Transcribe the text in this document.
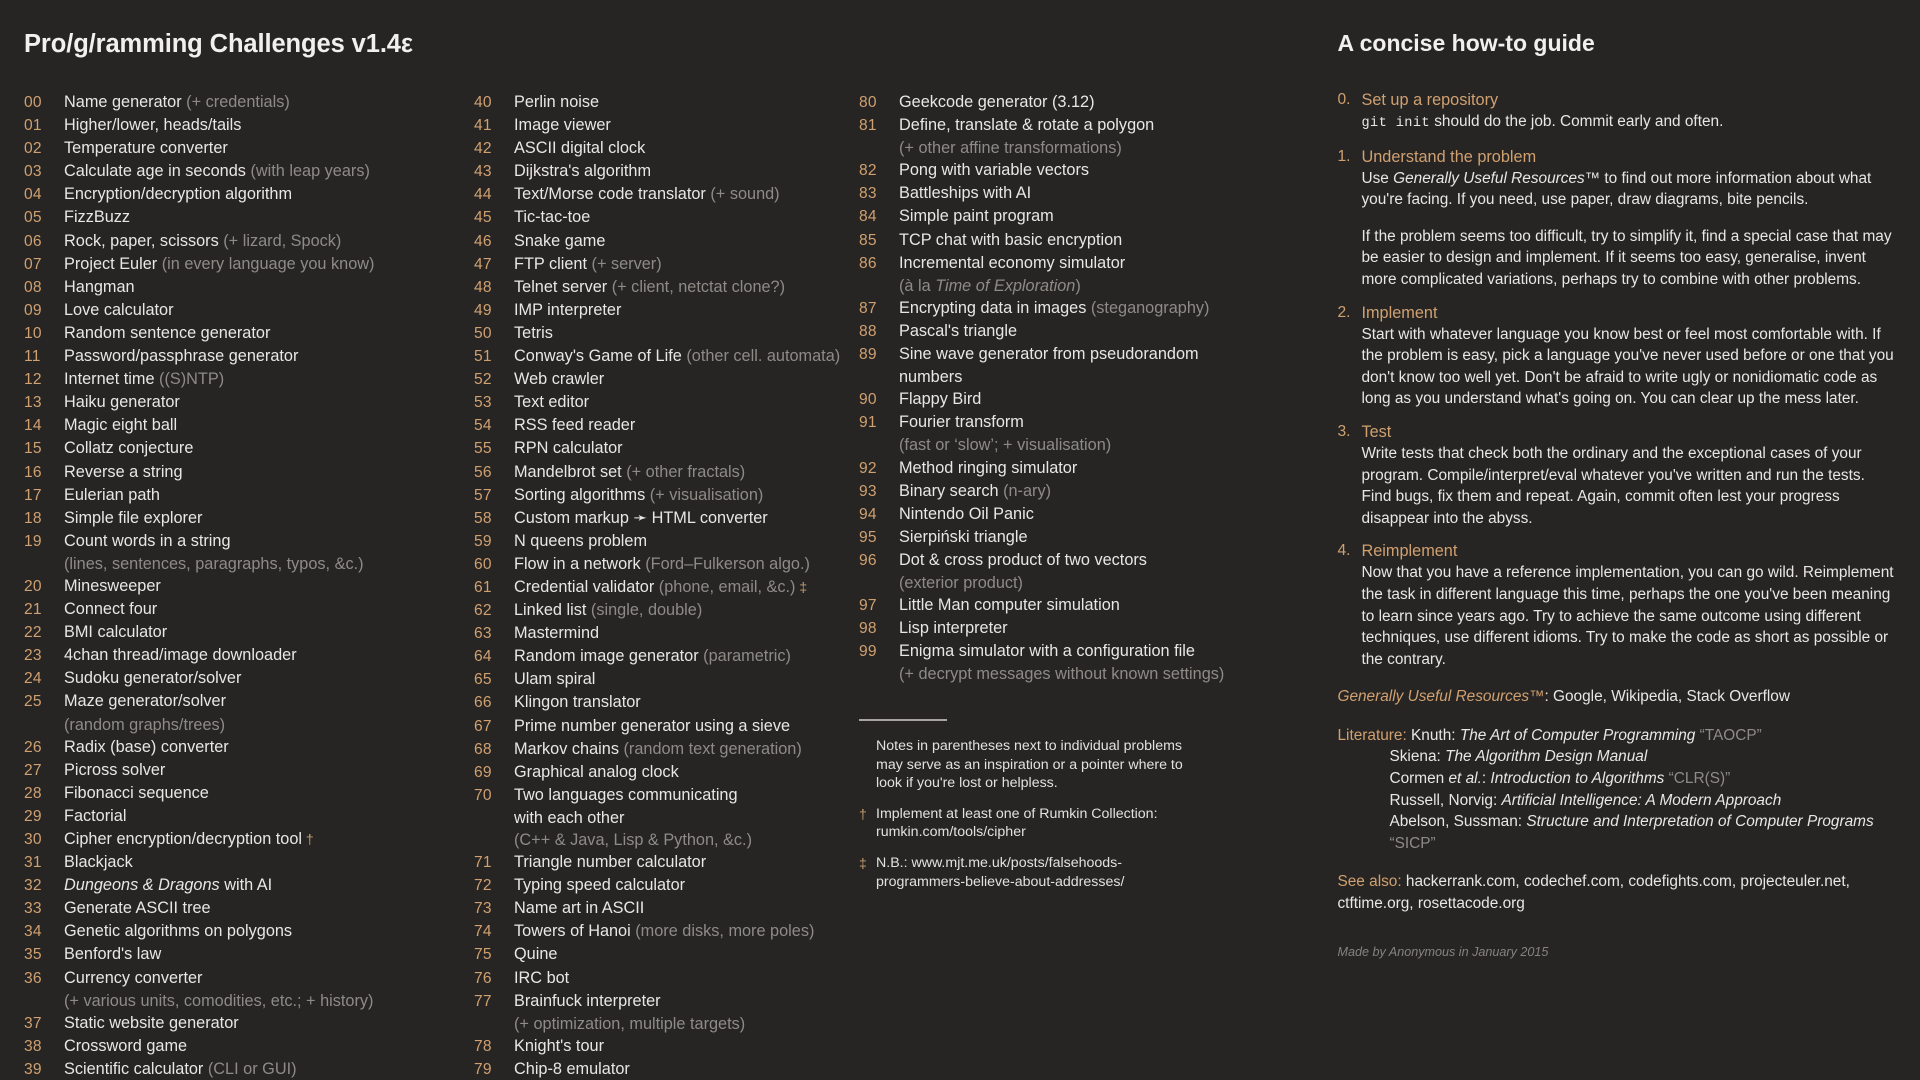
Pro/g/ramming Challenges v1.4ε
00	Name generator (+ credentials)
01	Higher/lower, heads/tails
02	Temperature converter
03	Calculate age in seconds (with leap years)
04	Encryption/decryption algorithm
05	FizzBuzz
06	Rock, paper, scissors (+ lizard, Spock)
07	Project Euler (in every language you know)
08	Hangman
09	Love calculator
10	Random sentence generator
11	Password/passphrase generator
12	Internet time ((S)NTP)
13	Haiku generator
14	Magic eight ball
15	Collatz conjecture
16	Reverse a string
17	Eulerian path
18	Simple file explorer
19	Count words in a string
(lines, sentences, paragraphs, typos, &c.)
20	Minesweeper
21	Connect four
22	BMI calculator
23	4chan thread/image downloader
24	Sudoku generator/solver
25	Maze generator/solver
(random graphs/trees)
26	Radix (base) converter
27	Picross solver
28	Fibonacci sequence
29	Factorial
30	Cipher encryption/decryption tool †
31	Blackjack
32	Dungeons & Dragons with AI
33	Generate ASCII tree
34	Genetic algorithms on polygons
35	Benford's law
36	Currency converter
(+ various units, comodities, etc.; + history)
37	Static website generator
38	Crossword game
39	Scientific calculator (CLI or GUI)
40	Perlin noise
41	Image viewer
42	ASCII digital clock
43	Dijkstra's algorithm
44	Text/Morse code translator (+ sound)
45	Tic-tac-toe
46	Snake game
47	FTP client (+ server)
48	Telnet server (+ client, netctat clone?)
49	IMP interpreter
50	Tetris
51	Conway's Game of Life (other cell. automata)
52	Web crawler
53	Text editor
54	RSS feed reader
55	RPN calculator
56	Mandelbrot set (+ other fractals)
57	Sorting algorithms (+ visualisation)
58	Custom markup ➛ HTML converter
59	N queens problem
60	Flow in a network (Ford–Fulkerson algo.)
61	Credential validator (phone, email, &c.) ‡
62	Linked list (single, double)
63	Mastermind
64	Random image generator (parametric)
65	Ulam spiral
66	Klingon translator
67	Prime number generator using a sieve
68	Markov chains (random text generation)
69	Graphical analog clock
70	Two languages communicating
with each other
(C++ & Java, Lisp & Python, &c.)
71	Triangle number calculator
72	Typing speed calculator
73	Name art in ASCII
74	Towers of Hanoi (more disks, more poles)
75	Quine
76	IRC bot
77	Brainfuck interpreter
(+ optimization, multiple targets)
78	Knight's tour
79	Chip-8 emulator
80	Geekcode generator (3.12)
81	Define, translate & rotate a polygon
(+ other affine transformations)
82	Pong with variable vectors
83	Battleships with AI
84	Simple paint program
85	TCP chat with basic encryption
86	Incremental economy simulator
(à la Time of Exploration)
87	Encrypting data in images (steganography)
88	Pascal's triangle
89	Sine wave generator from pseudorandom
numbers
90	Flappy Bird
91	Fourier transform
(fast or ‘slow’; + visualisation)
92	Method ringing simulator
93	Binary search (n-ary)
94	Nintendo Oil Panic
95	Sierpiński triangle
96	Dot & cross product of two vectors
(exterior product)
97	Little Man computer simulation
98	Lisp interpreter
99	Enigma simulator with a configuration file
(+ decrypt messages without known settings)
Notes in parentheses next to individual problems may serve as an inspiration or a pointer where to look if you're lost or helpless.
† Implement at least one of Rumkin Collection: rumkin.com/tools/cipher
‡ N.B.: www.mjt.me.uk/posts/falsehoods-programmers-believe-about-addresses/
A concise how-to guide
0. Set up a repository

git init should do the job. Commit early and often.

1. Understand the problem

Use Generally Useful Resources™ to find out more information about what you're facing. If you need, use paper, draw diagrams, bite pencils.

If the problem seems too difficult, try to simplify it, find a special case that may be easier to design and implement. If it seems too easy, generalise, invent more complicated variations, perhaps try to combine with other problems.

2. Implement

Start with whatever language you know best or feel most comfortable with. If the problem is easy, pick a language you've never used before or one that you don't know too well yet. Don't be afraid to write ugly or nonidiomatic code as long as you understand what's going on. You can clear up the mess later.

3. Test

Write tests that check both the ordinary and the exceptional cases of your program. Compile/interpret/eval whatever you've written and run the tests. Find bugs, fix them and repeat. Again, commit often lest your progress disappear into the abyss.

4. Reimplement

Now that you have a reference implementation, you can go wild. Reimplement the task in different language this time, perhaps the one you've been meaning to learn since years ago. Try to achieve the same outcome using different techniques, use different idioms. Try to make the code as short as possible or the contrary.

Generally Useful Resources™: Google, Wikipedia, Stack Overflow
Literature: Knuth: The Art of Computer Programming “TAOCP”
Skiena: The Algorithm Design Manual
Cormen et al.: Introduction to Algorithms “CLR(S)”
Russell, Norvig: Artificial Intelligence: A Modern Approach
Abelson, Sussman: Structure and Interpretation of Computer Programs
“SICP”
See also: hackerrank.com, codechef.com, codefights.com, projecteuler.net, ctftime.org, rosettacode.org
Made by Anonymous in January 2015
